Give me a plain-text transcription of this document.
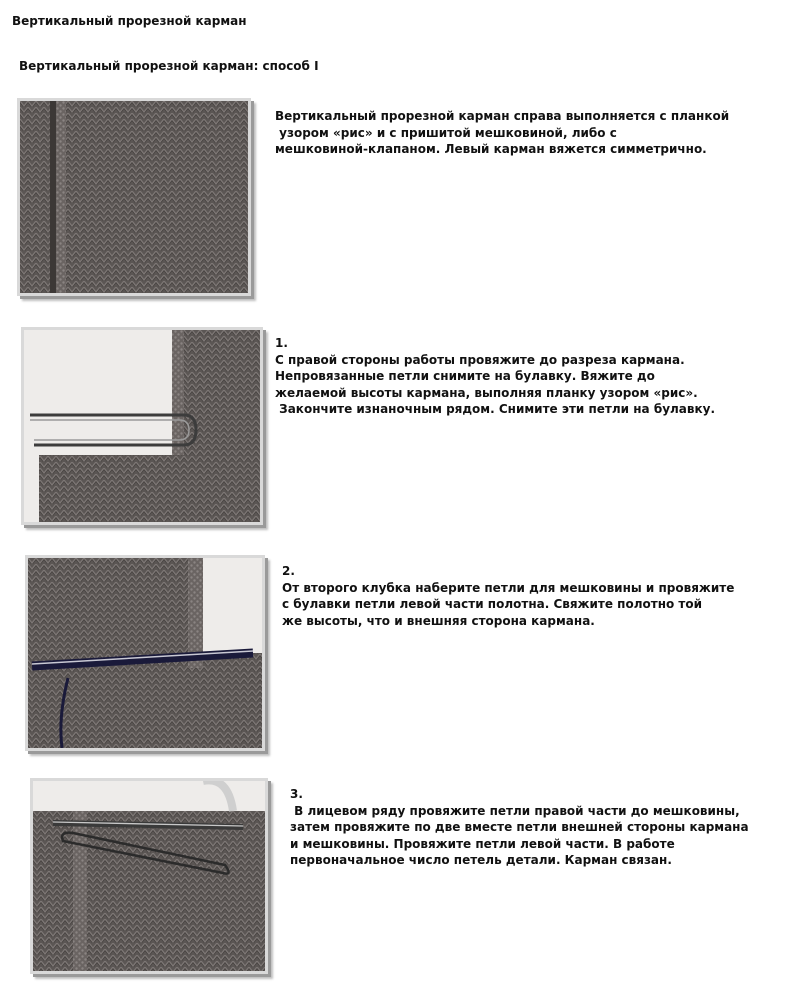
Вертикальный прорезной карман
Вертикальный прорезной карман: способ I

Вертикальный прорезной карман справа выполняется с планкой

узором «рис» и с пришитой мешковиной, либо с

мешковиной-клапаном. Левый карман вяжется симметрично.

1.

С правой стороны работы провяжите до разреза кармана.

Непровязанные петли снимите на булавку. Вяжите до

желаемой высоты кармана, выполняя планку узором «рис».

Закончите изнаночным рядом. Снимите эти петли на булавку.

2.

От второго клубка наберите петли для мешковины и провяжите

с булавки петли левой части полотна. Свяжите полотно той

же высоты, что и внешняя сторона кармана.

3.

В лицевом ряду провяжите петли правой части до мешковины,

затем провяжите по две вместе петли внешней стороны кармана

и мешковины. Провяжите петли левой части. В работе

первоначальное число петель детали. Карман связан.
